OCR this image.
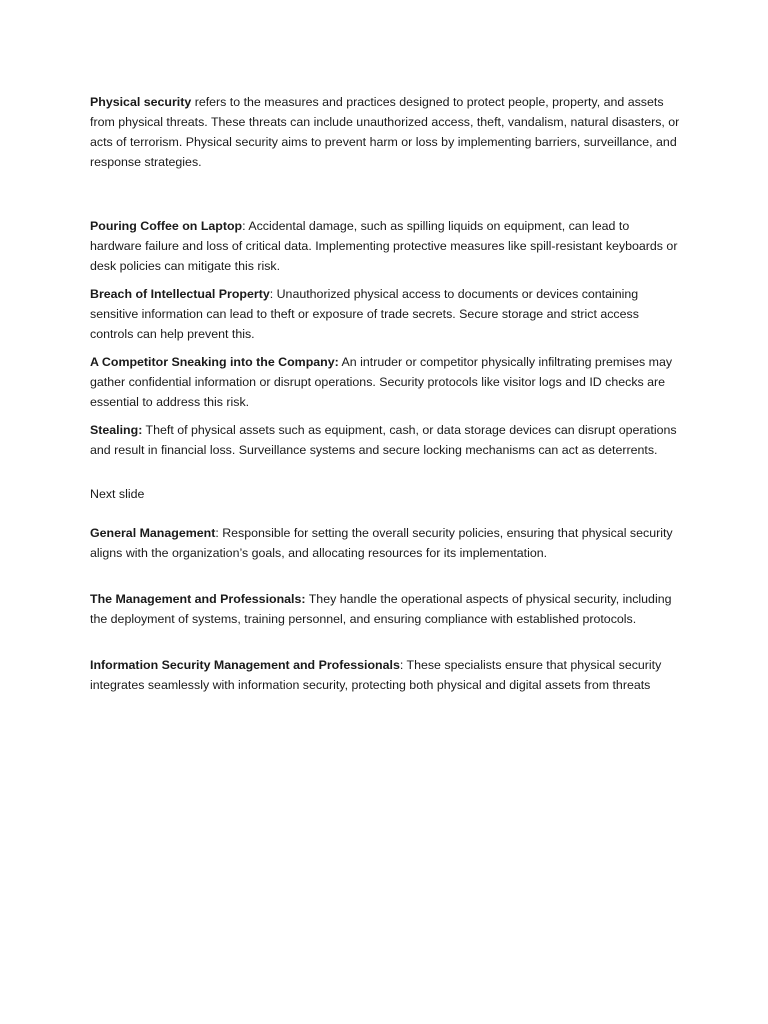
Physical security refers to the measures and practices designed to protect people, property, and assets from physical threats. These threats can include unauthorized access, theft, vandalism, natural disasters, or acts of terrorism. Physical security aims to prevent harm or loss by implementing barriers, surveillance, and response strategies.

Pouring Coffee on Laptop: Accidental damage, such as spilling liquids on equipment, can lead to hardware failure and loss of critical data. Implementing protective measures like spill-resistant keyboards or desk policies can mitigate this risk.

Breach of Intellectual Property: Unauthorized physical access to documents or devices containing sensitive information can lead to theft or exposure of trade secrets. Secure storage and strict access controls can help prevent this.

A Competitor Sneaking into the Company: An intruder or competitor physically infiltrating premises may gather confidential information or disrupt operations. Security protocols like visitor logs and ID checks are essential to address this risk.

Stealing: Theft of physical assets such as equipment, cash, or data storage devices can disrupt operations and result in financial loss. Surveillance systems and secure locking mechanisms can act as deterrents.

Next slide

General Management: Responsible for setting the overall security policies, ensuring that physical security aligns with the organization’s goals, and allocating resources for its implementation.

The Management and Professionals: They handle the operational aspects of physical security, including the deployment of systems, training personnel, and ensuring compliance with established protocols.

Information Security Management and Professionals: These specialists ensure that physical security integrates seamlessly with information security, protecting both physical and digital assets from threats
